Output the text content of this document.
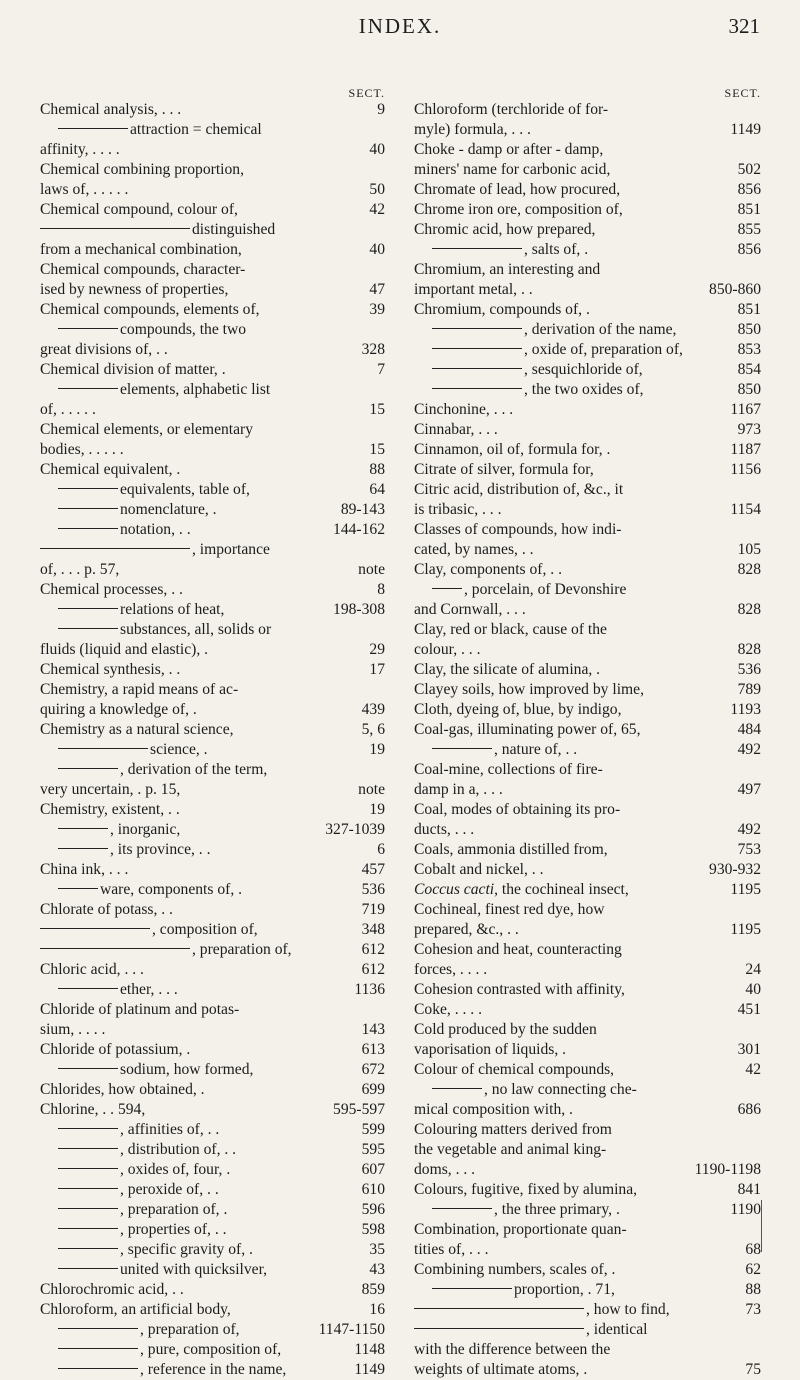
INDEX.	321
SECT.
Chemical analysis, . . .	9
attraction = chemical
affinity, . . . .	40
Chemical combining proportion,
laws of, . . . . .	50
Chemical compound, colour of,	42
distinguished
from a mechanical combination,	40
Chemical compounds, character-
ised by newness of properties,	47
Chemical compounds, elements of,	39
compounds, the two
great divisions of, . .	328
Chemical division of matter, .	7
elements, alphabetic list
of, . . . . .	15
Chemical elements, or elementary
bodies, . . . . .	15
Chemical equivalent, .	88
equivalents, table of,	64
nomenclature, .	89-143
notation, . .	144-162
, importance
of, . . . p. 57,	note
Chemical processes, . .	8
relations of heat,	198-308
substances, all, solids or
fluids (liquid and elastic), .	29
Chemical synthesis, . .	17
Chemistry, a rapid means of ac-
quiring a knowledge of, .	439
Chemistry as a natural science,	5, 6
science, .	19
, derivation of the term,
very uncertain, . p. 15,	note
Chemistry, existent, . .	19
, inorganic,	327-1039
, its province, . .	6
China ink, . . .	457
ware, components of, .	536
Chlorate of potass, . .	719
, composition of,	348
, preparation of,	612
Chloric acid, . . .	612
ether, . . .	1136
Chloride of platinum and potas-
sium, . . . .	143
Chloride of potassium, .	613
sodium, how formed,	672
Chlorides, how obtained, .	699
Chlorine, . . 594,	595-597
, affinities of, . .	599
, distribution of, . .	595
, oxides of, four, .	607
, peroxide of, . .	610
, preparation of, .	596
, properties of, . .	598
, specific gravity of, .	35
united with quicksilver,	43
Chlorochromic acid, . .	859
Chloroform, an artificial body,	16
, preparation of,	1147-1150
, pure, composition of,	1148
, reference in the name,	1149
SECT.
Chloroform (terchloride of for-
myle) formula, . . .	1149
Choke - damp or after - damp,
miners' name for carbonic acid,	502
Chromate of lead, how procured,	856
Chrome iron ore, composition of,	851
Chromic acid, how prepared,	855
, salts of, .	856
Chromium, an interesting and
important metal, . .	850-860
Chromium, compounds of, .	851
, derivation of the name,	850
, oxide of, preparation of,	853
, sesquichloride of,	854
, the two oxides of,	850
Cinchonine, . . .	1167
Cinnabar, . . .	973
Cinnamon, oil of, formula for, .	1187
Citrate of silver, formula for,	1156
Citric acid, distribution of, &c., it
is tribasic, . . .	1154
Classes of compounds, how indi-
cated, by names, . .	105
Clay, components of, . .	828
, porcelain, of Devonshire
and Cornwall, . . .	828
Clay, red or black, cause of the
colour, . . .	828
Clay, the silicate of alumina, .	536
Clayey soils, how improved by lime,	789
Cloth, dyeing of, blue, by indigo,	1193
Coal-gas, illuminating power of, 65,	484
, nature of, . .	492
Coal-mine, collections of fire-
damp in a, . . .	497
Coal, modes of obtaining its pro-
ducts, . . .	492
Coals, ammonia distilled from,	753
Cobalt and nickel, . .	930-932
Coccus cacti, the cochineal insect,	1195
Cochineal, finest red dye, how
prepared, &c., . .	1195
Cohesion and heat, counteracting
forces, . . . .	24
Cohesion contrasted with affinity,	40
Coke, . . . .	451
Cold produced by the sudden
vaporisation of liquids, .	301
Colour of chemical compounds,	42
, no law connecting che-
mical composition with, .	686
Colouring matters derived from
the vegetable and animal king-
doms, . . .	1190-1198
Colours, fugitive, fixed by alumina,	841
, the three primary, .	1190
Combination, proportionate quan-
tities of, . . .	68
Combining numbers, scales of, .	62
proportion, . 71,	88
, how to find,	73
, identical
with the difference between the
weights of ultimate atoms, .	75
